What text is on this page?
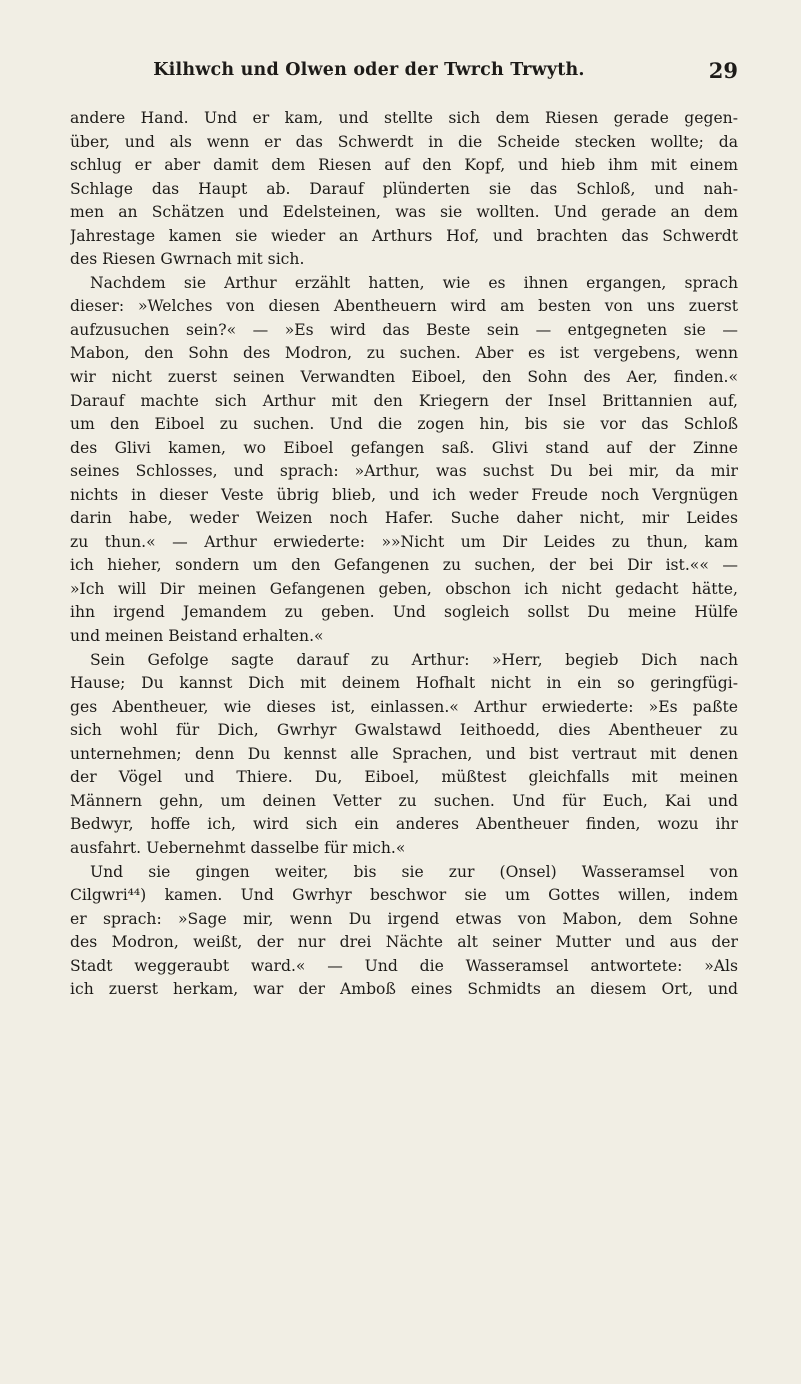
Kilhwch und Olwen oder der Twrch Trwyth.	29
andere Hand. Und er kam, und stellte sich dem Riesen gerade gegen-
über, und als wenn er das Schwerdt in die Scheide stecken wollte; da
schlug er aber damit dem Riesen auf den Kopf, und hieb ihm mit einem
Schlage das Haupt ab. Darauf plünderten sie das Schloß, und nah-
men an Schätzen und Edelsteinen, was sie wollten. Und gerade an dem
Jahrestage kamen sie wieder an Arthurs Hof, und brachten das Schwerdt
des Riesen Gwrnach mit sich.
Nachdem sie Arthur erzählt hatten, wie es ihnen ergangen, sprach
dieser: »Welches von diesen Abentheuern wird am besten von uns zuerst
aufzusuchen sein?« — »Es wird das Beste sein — entgegneten sie —
Mabon, den Sohn des Modron, zu suchen. Aber es ist vergebens, wenn
wir nicht zuerst seinen Verwandten Eiboel, den Sohn des Aer, finden.«
Darauf machte sich Arthur mit den Kriegern der Insel Brittannien auf,
um den Eiboel zu suchen. Und die zogen hin, bis sie vor das Schloß
des Glivi kamen, wo Eiboel gefangen saß. Glivi stand auf der Zinne
seines Schlosses, und sprach: »Arthur, was suchst Du bei mir, da mir
nichts in dieser Veste übrig blieb, und ich weder Freude noch Vergnügen
darin habe, weder Weizen noch Hafer. Suche daher nicht, mir Leides
zu thun.« — Arthur erwiederte: »»Nicht um Dir Leides zu thun, kam
ich hieher, sondern um den Gefangenen zu suchen, der bei Dir ist.«« —
»Ich will Dir meinen Gefangenen geben, obschon ich nicht gedacht hätte,
ihn irgend Jemandem zu geben. Und sogleich sollst Du meine Hülfe
und meinen Beistand erhalten.«
Sein Gefolge sagte darauf zu Arthur: »Herr, begieb Dich nach
Hause; Du kannst Dich mit deinem Hofhalt nicht in ein so geringfügi-
ges Abentheuer, wie dieses ist, einlassen.« Arthur erwiederte: »Es paßte
sich wohl für Dich, Gwrhyr Gwalstawd Ieithoedd, dies Abentheuer zu
unternehmen; denn Du kennst alle Sprachen, und bist vertraut mit denen
der Vögel und Thiere. Du, Eiboel, müßtest gleichfalls mit meinen
Männern gehn, um deinen Vetter zu suchen. Und für Euch, Kai und
Bedwyr, hoffe ich, wird sich ein anderes Abentheuer finden, wozu ihr
ausfahrt. Uebernehmt dasselbe für mich.«
Und sie gingen weiter, bis sie zur (Onsel) Wasseramsel von
Cilgwri⁴⁴) kamen. Und Gwrhyr beschwor sie um Gottes willen, indem
er sprach: »Sage mir, wenn Du irgend etwas von Mabon, dem Sohne
des Modron, weißt, der nur drei Nächte alt seiner Mutter und aus der
Stadt weggeraubt ward.« — Und die Wasseramsel antwortete: »Als
ich zuerst herkam, war der Amboß eines Schmidts an diesem Ort, und
